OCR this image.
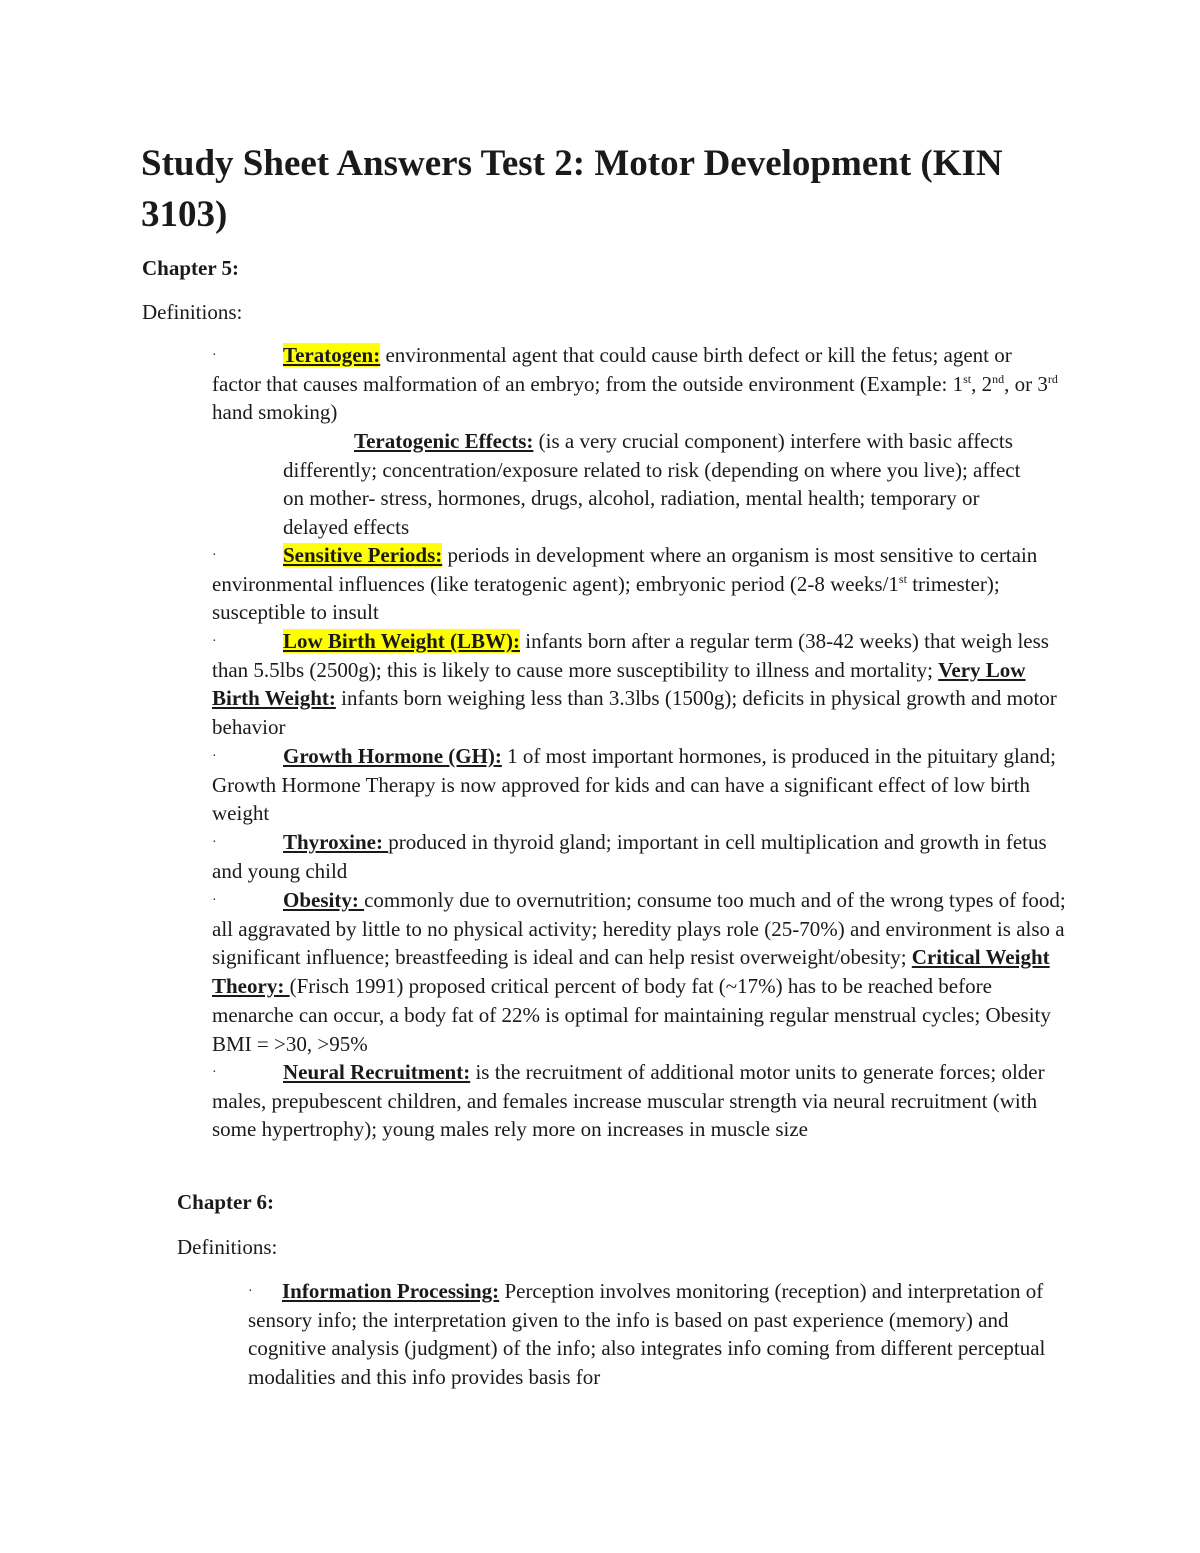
Study Sheet Answers Test 2: Motor Development (KIN 3103)
Chapter 5:
Definitions:
·	Teratogen: environmental agent that could cause birth defect or kill the fetus; agent or factor that causes malformation of an embryo; from the outside environment (Example: 1st, 2nd, or 3rd hand smoking)
Teratogenic Effects: (is a very crucial component) interfere with basic affects differently; concentration/exposure related to risk (depending on where you live); affect on mother- stress, hormones, drugs, alcohol, radiation, mental health; temporary or delayed effects
·	Sensitive Periods: periods in development where an organism is most sensitive to certain environmental influences (like teratogenic agent); embryonic period (2-8 weeks/1st trimester); susceptible to insult
·	Low Birth Weight (LBW): infants born after a regular term (38-42 weeks) that weigh less than 5.5lbs (2500g); this is likely to cause more susceptibility to illness and mortality; Very Low Birth Weight: infants born weighing less than 3.3lbs (1500g); deficits in physical growth and motor behavior
·	Growth Hormone (GH): 1 of most important hormones, is produced in the pituitary gland; Growth Hormone Therapy is now approved for kids and can have a significant effect of low birth weight
·	Thyroxine: produced in thyroid gland; important in cell multiplication and growth in fetus and young child
·	Obesity: commonly due to overnutrition; consume too much and of the wrong types of food; all aggravated by little to no physical activity; heredity plays role (25-70%) and environment is also a significant influence; breastfeeding is ideal and can help resist overweight/obesity; Critical Weight Theory: (Frisch 1991) proposed critical percent of body fat (~17%) has to be reached before menarche can occur, a body fat of 22% is optimal for maintaining regular menstrual cycles; Obesity BMI = >30, >95%
·	Neural Recruitment: is the recruitment of additional motor units to generate forces; older males, prepubescent children, and females increase muscular strength via neural recruitment (with some hypertrophy); young males rely more on increases in muscle size
Chapter 6:
Definitions:
·	Information Processing: Perception involves monitoring (reception) and interpretation of sensory info; the interpretation given to the info is based on past experience (memory) and cognitive analysis (judgment) of the info; also integrates info coming from different perceptual modalities and this info provides basis for
